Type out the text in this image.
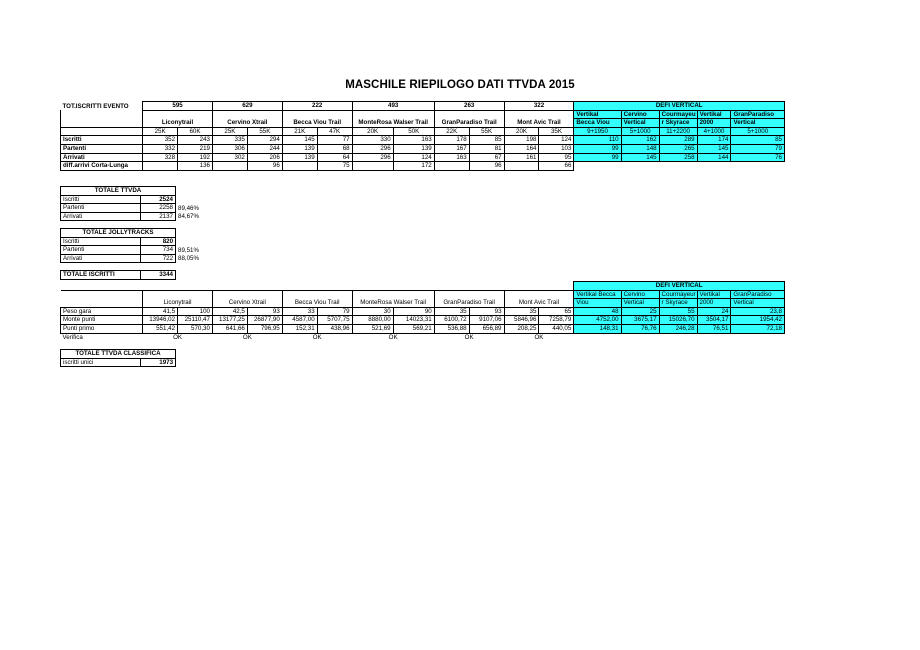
MASCHILE RIEPILOGO DATI TTVDA 2015
TOT.ISCRITTI EVENTO	595		629		222		493		263		322		DEFI VERTICAL				
													Vertikal	Cervino	Courmayeu	Vertikal	GranParadiso
	Liconytrail		Cervino Xtrail		Becca Viou Trail		MonteRosa Walser Trail		GranParadiso Trail		Mont Avic Trail		Becca Viou	Vertical	r Skyrace	2000	Vertical
	25K	60K	25K	55K	21K	47K	20K	50K	22K	55K	20K	35K	9+1950	5+1000	11+2200	4+1000	5+1000
Iscritti	352	243	335	294	145	77	330	163	178	85	198	124	110	162	289	174	85
Partenti	332	219	306	244	139	68	296	139	167	81	164	103	99	148	265	145	79
Arrivati	328	192	302	206	139	64	296	124	163	67	161	95	99	145	258	144	76
diff.arrivi Corta-Lunga		136		96		75		172		96		66					
TOTALE TTVDA		
Iscritti	2524	
Partenti	2258	89,46%
Arrivati	2137	84,67%
TOTALE JOLLYTRACKS		
Iscritti	820	
Partenti	734	89,51%
Arrivati	722	88,05%
TOTALE ISCRITTI	3344
													DEFI VERTICAL				
													Vertikal Becca	Cervino	Courmayeur	Vertikal	GranParadiso
	Liconytrail		Cervino Xtrail		Becca Viou Trail		MonteRosa Walser Trail		GranParadiso Trail		Mont Avic Trail		Viou	Vertical	r Skyrace	2000	Vertical
Peso gara	41,5	100	42,5	93	33	79	30	90	35	93	35	65	48	25	55	24	23,8
Monte punti	13946,02	25110,47	13177,25	26877,90	4587,00	5707,75	8880,00	14023,31	6100,72	9107,06	5846,96	7258,79	4752,00	3675,17	15026,70	3504,17	1954,42
Punti primo	551,42	570,30	641,66	796,95	152,31	438,96	521,69	569,21	536,88	656,89	208,25	440,05	148,31	76,76	246,28	76,51	72,18
Verifica	OK		OK		OK		OK		OK		OK						
TOTALE TTVDA CLASSIFICA
iscritti unici	1973
